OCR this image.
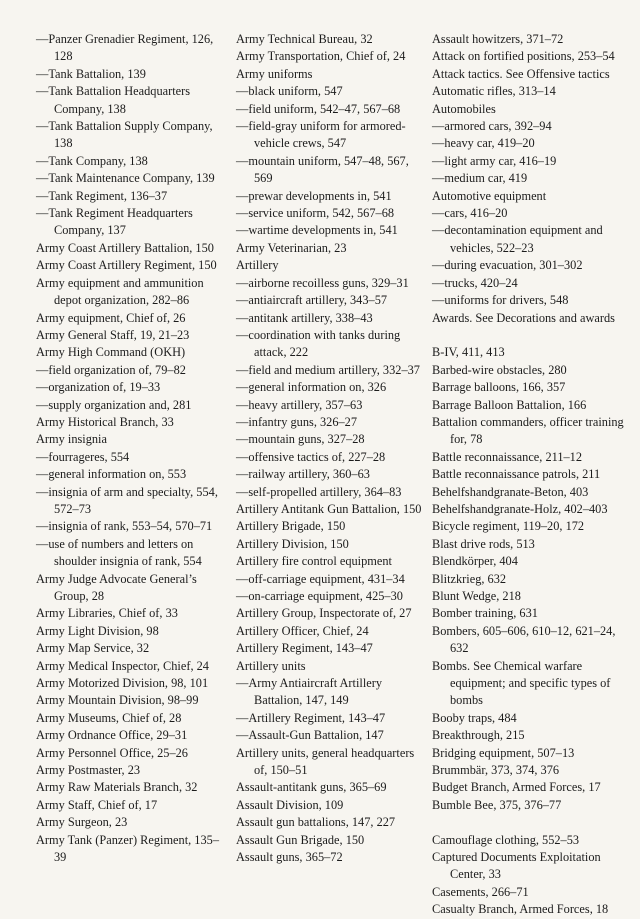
—Panzer Grenadier Regiment, 126, 128
—Tank Battalion, 139
—Tank Battalion Headquarters Company, 138
—Tank Battalion Supply Company, 138
—Tank Company, 138
—Tank Maintenance Company, 139
—Tank Regiment, 136–37
—Tank Regiment Headquarters Company, 137
Army Coast Artillery Battalion, 150
Army Coast Artillery Regiment, 150
Army equipment and ammunition depot organization, 282–86
Army equipment, Chief of, 26
Army General Staff, 19, 21–23
Army High Command (OKH)
—field organization of, 79–82
—organization of, 19–33
—supply organization and, 281
Army Historical Branch, 33
Army insignia
—fourrageres, 554
—general information on, 553
—insignia of arm and specialty, 554, 572–73
—insignia of rank, 553–54, 570–71
—use of numbers and letters on shoulder insignia of rank, 554
Army Judge Advocate General’s Group, 28
Army Libraries, Chief of, 33
Army Light Division, 98
Army Map Service, 32
Army Medical Inspector, Chief, 24
Army Motorized Division, 98, 101
Army Mountain Division, 98–99
Army Museums, Chief of, 28
Army Ordnance Office, 29–31
Army Personnel Office, 25–26
Army Postmaster, 23
Army Raw Materials Branch, 32
Army Staff, Chief of, 17
Army Surgeon, 23
Army Tank (Panzer) Regiment, 135–39
Army Technical Bureau, 32
Army Transportation, Chief of, 24
Army uniforms
—black uniform, 547
—field uniform, 542–47, 567–68
—field-gray uniform for armored-vehicle crews, 547
—mountain uniform, 547–48, 567, 569
—prewar developments in, 541
—service uniform, 542, 567–68
—wartime developments in, 541
Army Veterinarian, 23
Artillery
—airborne recoilless guns, 329–31
—antiaircraft artillery, 343–57
—antitank artillery, 338–43
—coordination with tanks during attack, 222
—field and medium artillery, 332–37
—general information on, 326
—heavy artillery, 357–63
—infantry guns, 326–27
—mountain guns, 327–28
—offensive tactics of, 227–28
—railway artillery, 360–63
—self-propelled artillery, 364–83
Artillery Antitank Gun Battalion, 150
Artillery Brigade, 150
Artillery Division, 150
Artillery fire control equipment
—off-carriage equipment, 431–34
—on-carriage equipment, 425–30
Artillery Group, Inspectorate of, 27
Artillery Officer, Chief, 24
Artillery Regiment, 143–47
Artillery units
—Army Antiaircraft Artillery Battalion, 147, 149
—Artillery Regiment, 143–47
—Assault-Gun Battalion, 147
Artillery units, general headquarters of, 150–51
Assault-antitank guns, 365–69
Assault Division, 109
Assault gun battalions, 147, 227
Assault Gun Brigade, 150
Assault guns, 365–72
Assault howitzers, 371–72
Attack on fortified positions, 253–54
Attack tactics. See Offensive tactics
Automatic rifles, 313–14
Automobiles
—armored cars, 392–94
—heavy car, 419–20
—light army car, 416–19
—medium car, 419
Automotive equipment
—cars, 416–20
—decontamination equipment and vehicles, 522–23
—during evacuation, 301–302
—trucks, 420–24
—uniforms for drivers, 548
Awards. See Decorations and awards
B-IV, 411, 413
Barbed-wire obstacles, 280
Barrage balloons, 166, 357
Barrage Balloon Battalion, 166
Battalion commanders, officer training for, 78
Battle reconnaissance, 211–12
Battle reconnaissance patrols, 211
Behelfshandgranate-Beton, 403
Behelfshandgranate-Holz, 402–403
Bicycle regiment, 119–20, 172
Blast drive rods, 513
Blendkörper, 404
Blitzkrieg, 632
Blunt Wedge, 218
Bomber training, 631
Bombers, 605–606, 610–12, 621–24, 632
Bombs. See Chemical warfare equipment; and specific types of bombs
Booby traps, 484
Breakthrough, 215
Bridging equipment, 507–13
Brummbär, 373, 374, 376
Budget Branch, Armed Forces, 17
Bumble Bee, 375, 376–77
Camouflage clothing, 552–53
Captured Documents Exploitation Center, 33
Casements, 266–71
Casualty Branch, Armed Forces, 18
